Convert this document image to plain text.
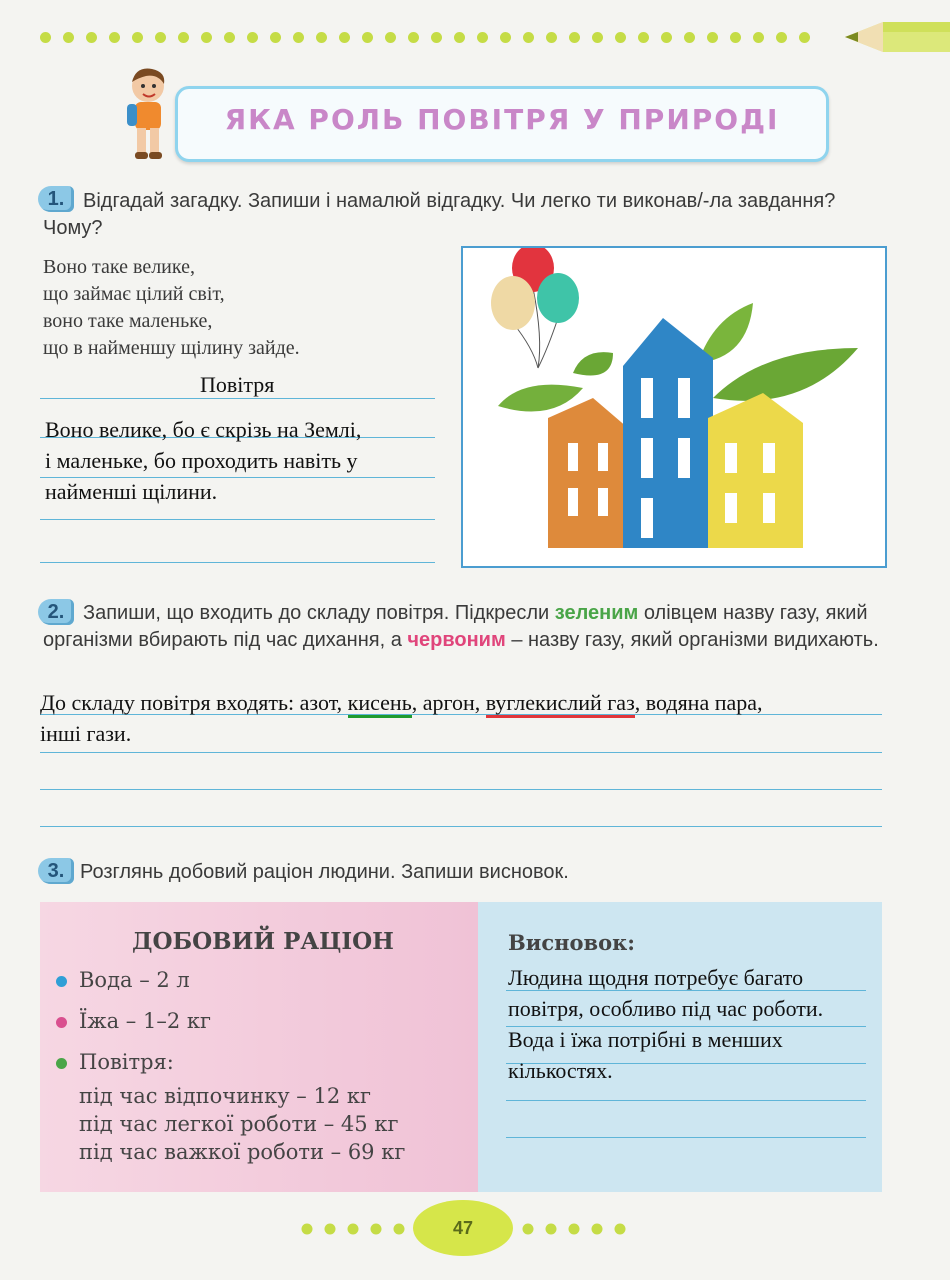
ЯКА РОЛЬ ПОВІТРЯ У ПРИРОДІ
1. Відгадай загадку. Запиши і намалюй відгадку. Чи легко ти виконав/-ла завдання? Чому?
Воно таке велике,
що займає цілий світ,
воно таке маленьке,
що в найменшу щілину зайде.
Повітря
Воно велике, бо є скрізь на Землі,
і маленьке, бо проходить навіть у
найменші щілини.
2. Запиши, що входить до складу повітря. Підкресли зеленим олівцем назву газу, який організми вбирають під час дихання, а червоним – назву газу, який організми видихають.
До складу повітря входять: азот, кисень, аргон, вуглекислий газ, водяна пара,
інші гази.
3. Розглянь добовий раціон людини. Запиши висновок.
ДОБОВИЙ РАЦІОН
Вода – 2 л
Їжа – 1–2 кг
Повітря:
під час відпочинку – 12 кг
під час легкої роботи – 45 кг
під час важкої роботи – 69 кг
Висновок:
Людина щодня потребує багато
повітря, особливо під час роботи.
Вода і їжа потрібні в менших
кількостях.
47
